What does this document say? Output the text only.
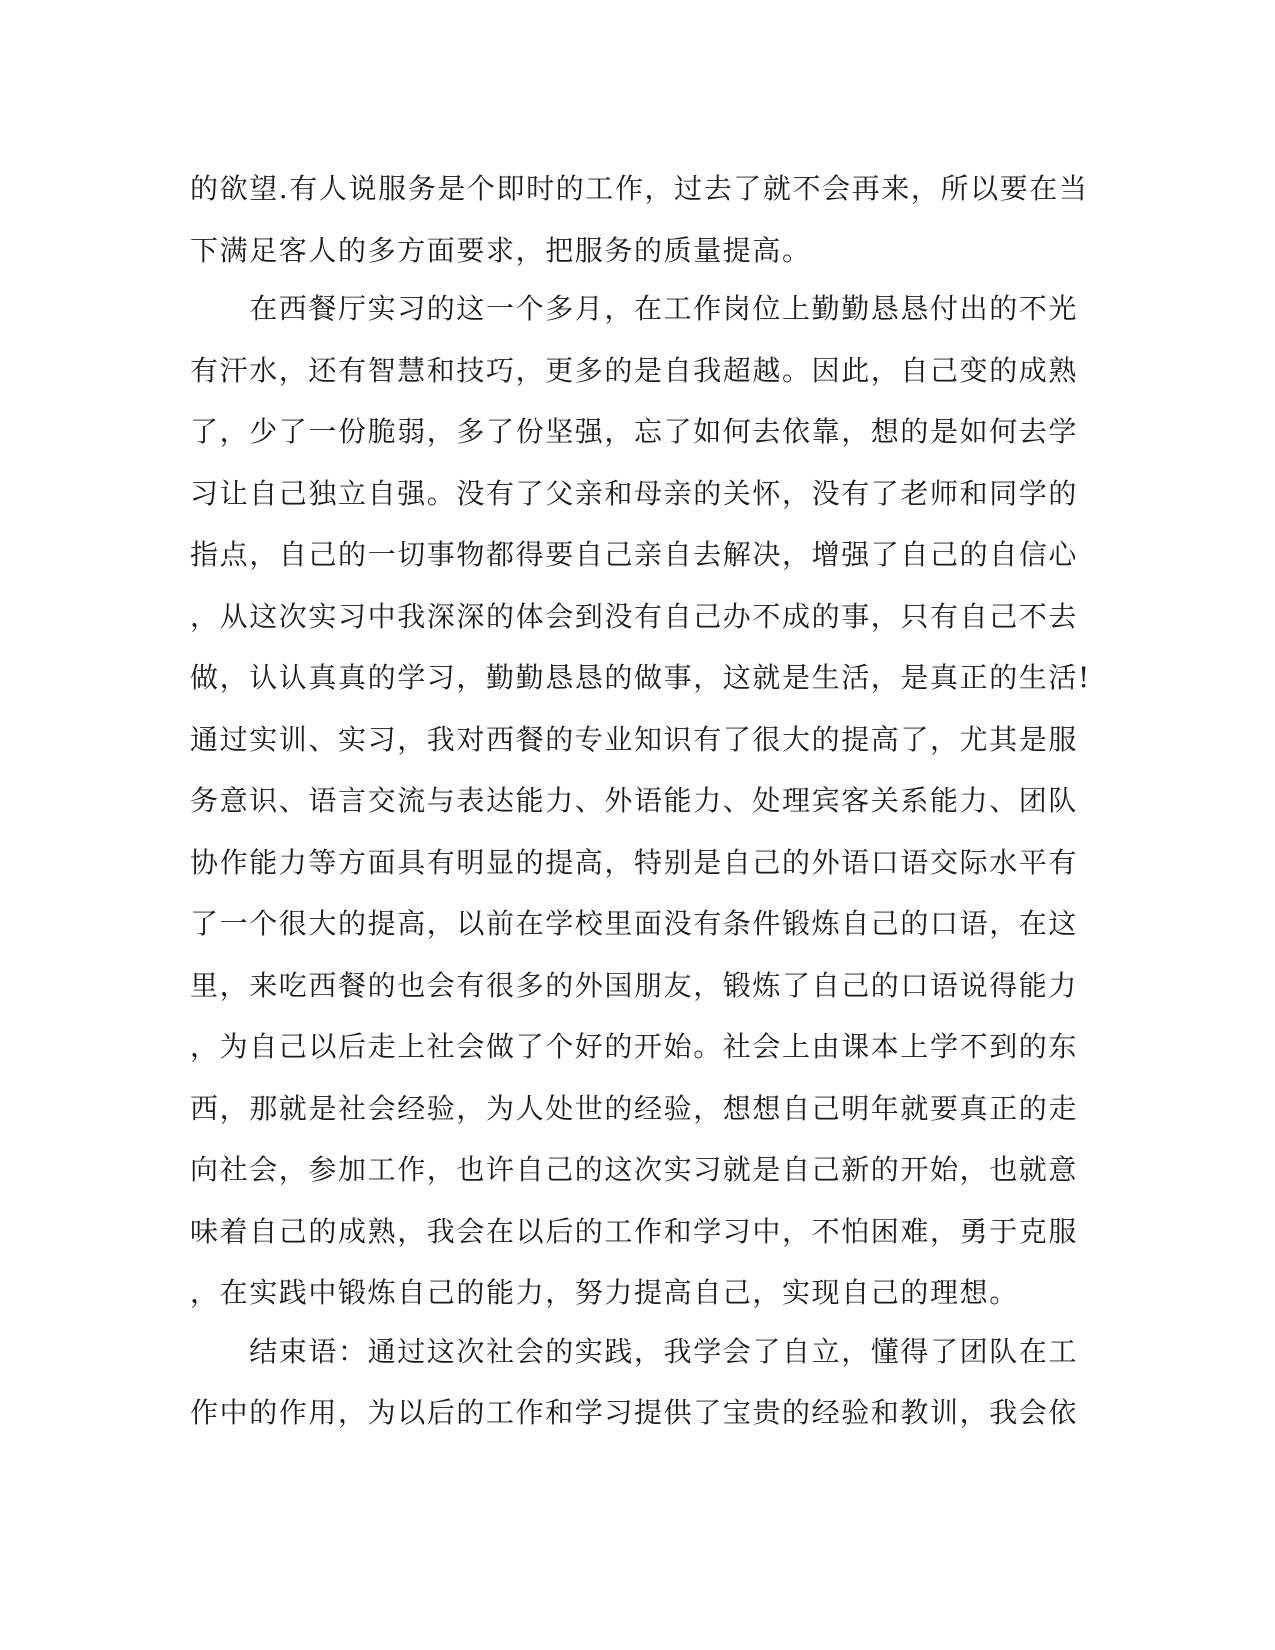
的欲望.有人说服务是个即时的工作，过去了就不会再来，所以要在当
下满足客人的多方面要求，把服务的质量提高。
　　在西餐厅实习的这一个多月，在工作岗位上勤勤恳恳付出的不光
有汗水，还有智慧和技巧，更多的是自我超越。因此，自己变的成熟
了，少了一份脆弱，多了份坚强，忘了如何去依靠，想的是如何去学
习让自己独立自强。没有了父亲和母亲的关怀，没有了老师和同学的
指点，自己的一切事物都得要自己亲自去解决，增强了自己的自信心
，从这次实习中我深深的体会到没有自己办不成的事，只有自己不去
做，认认真真的学习，勤勤恳恳的做事，这就是生活，是真正的生活!
通过实训、实习，我对西餐的专业知识有了很大的提高了，尤其是服
务意识、语言交流与表达能力、外语能力、处理宾客关系能力、团队
协作能力等方面具有明显的提高，特别是自己的外语口语交际水平有
了一个很大的提高，以前在学校里面没有条件锻炼自己的口语，在这
里，来吃西餐的也会有很多的外国朋友，锻炼了自己的口语说得能力
，为自己以后走上社会做了个好的开始。社会上由课本上学不到的东
西，那就是社会经验，为人处世的经验，想想自己明年就要真正的走
向社会，参加工作，也许自己的这次实习就是自己新的开始，也就意
味着自己的成熟，我会在以后的工作和学习中，不怕困难，勇于克服
，在实践中锻炼自己的能力，努力提高自己，实现自己的理想。
　　结束语：通过这次社会的实践，我学会了自立，懂得了团队在工
作中的作用，为以后的工作和学习提供了宝贵的经验和教训，我会依
